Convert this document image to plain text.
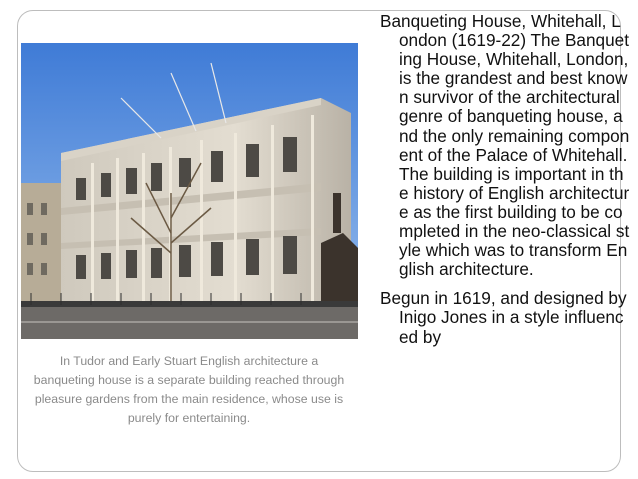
In Tudor and Early Stuart English architecture a banqueting house is a separate building reached through pleasure gardens from the main residence, whose use is purely for entertaining.

Banqueting House, Whitehall, London (1619-22) The Banqueting House, Whitehall, London, is the grandest and best known survivor of the architectural genre of banqueting house, and the only remaining component of the Palace of Whitehall. The building is important in the history of English architecture as the first building to be completed in the neo-classical style which was to transform English architecture.

Begun in 1619, and designed by Inigo Jones in a style influenced by
